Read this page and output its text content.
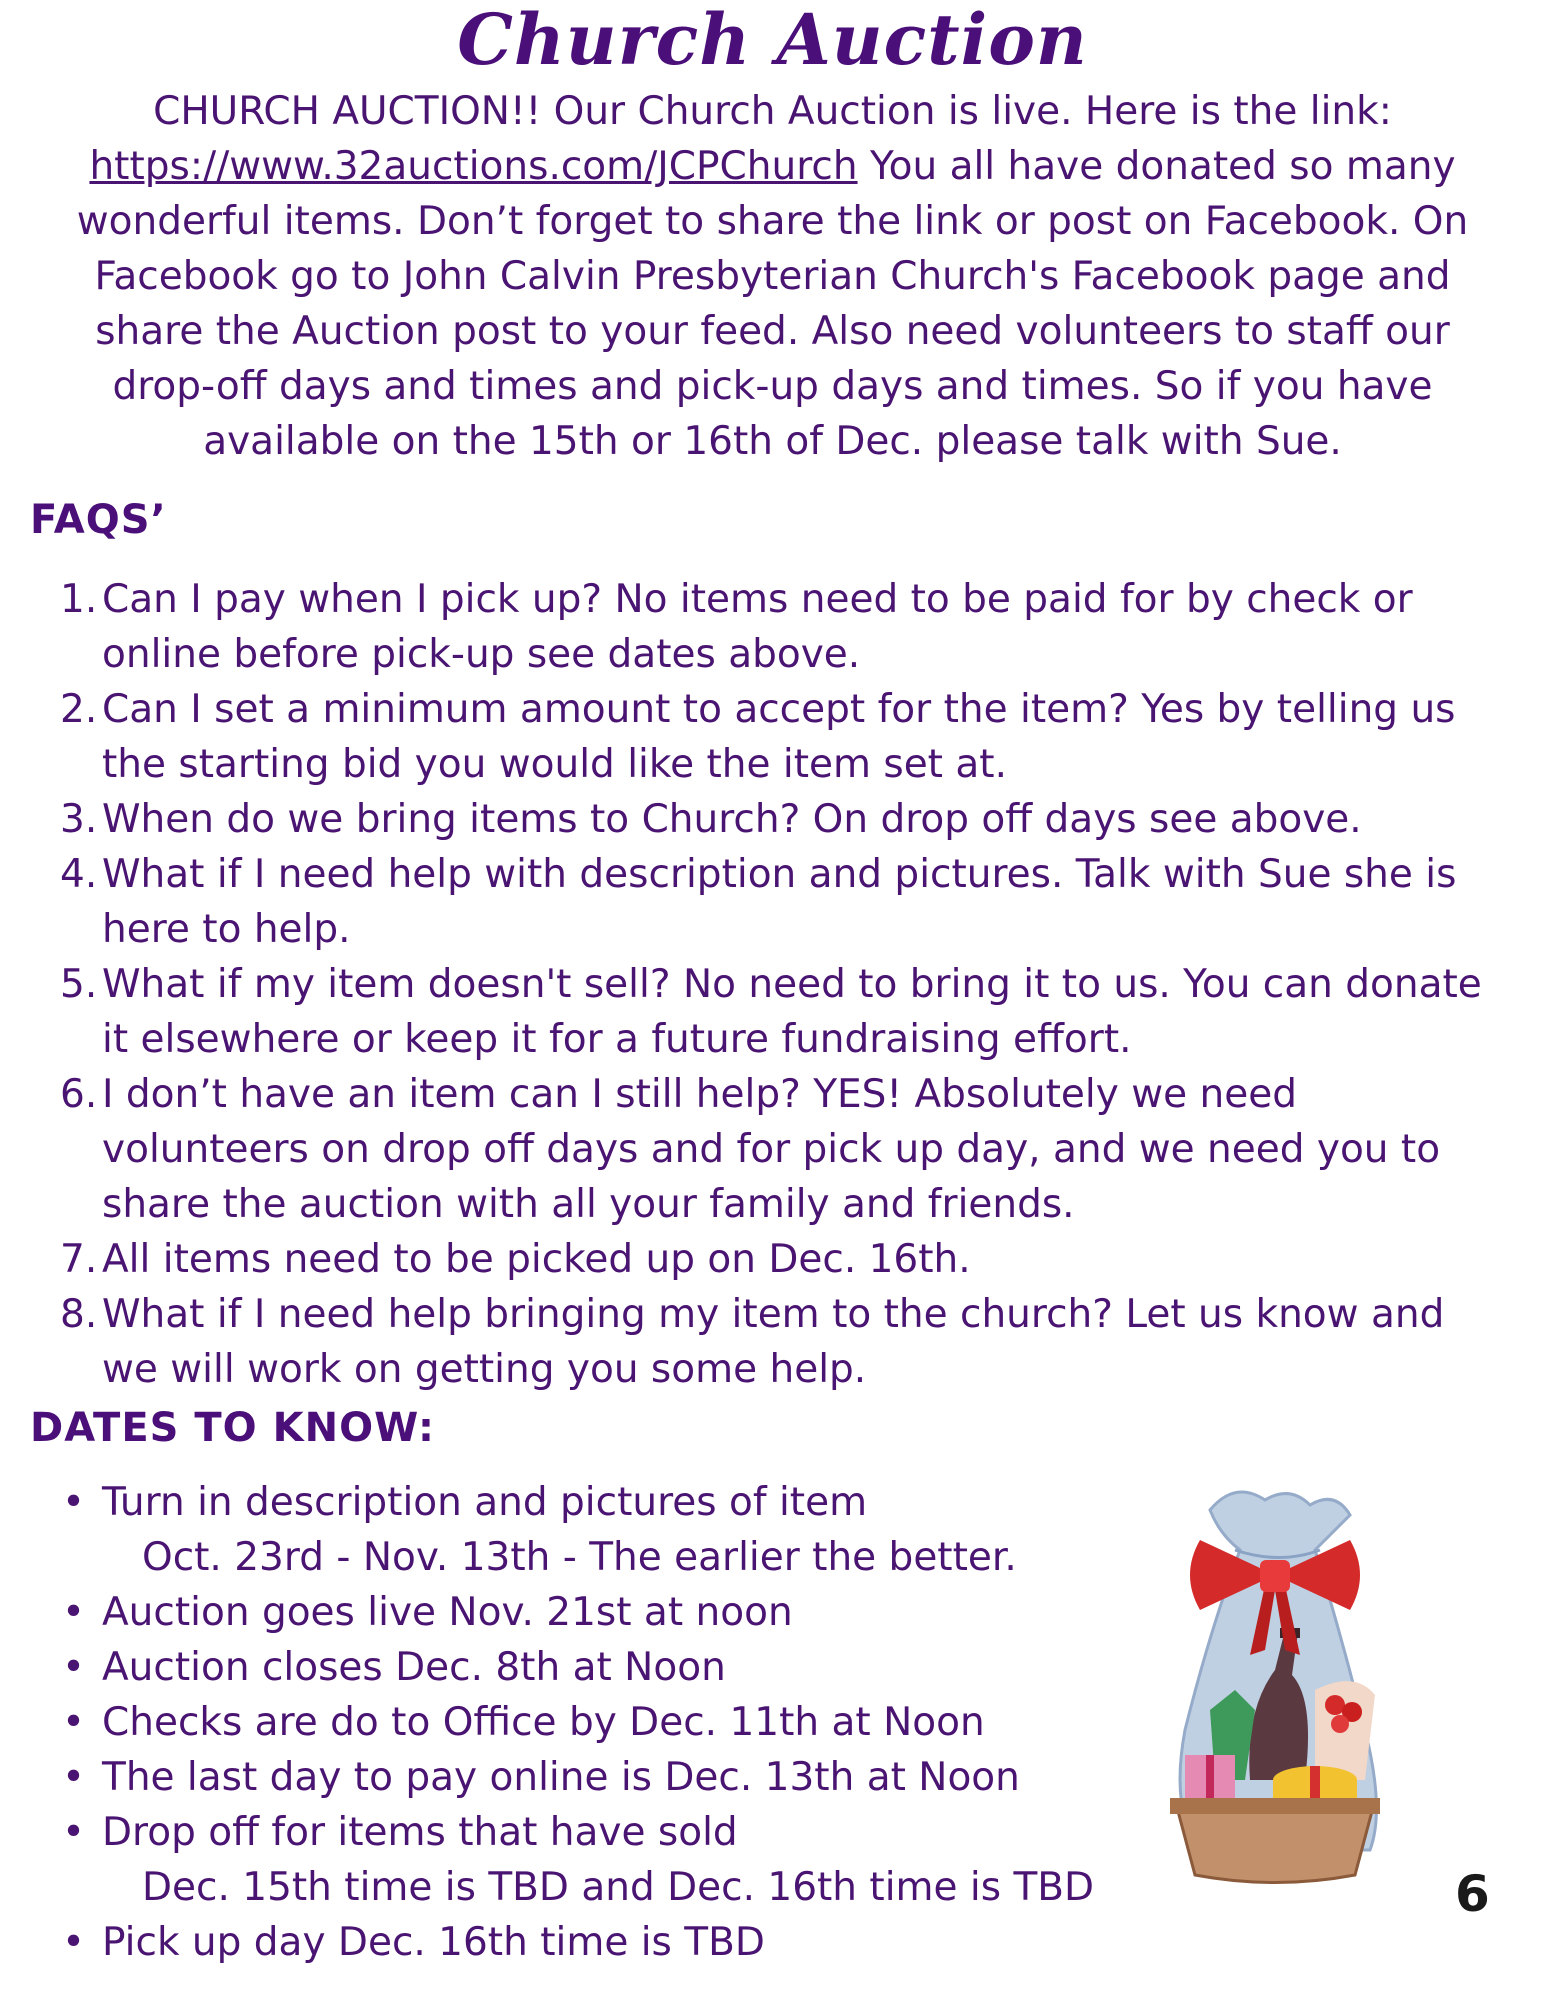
Church Auction
CHURCH AUCTION!! Our Church Auction is live. Here is the link: https://www.32auctions.com/JCPChurch You all have donated so many wonderful items. Don’t forget to share the link or post on Facebook. On Facebook go to John Calvin Presbyterian Church's Facebook page and share the Auction post to your feed. Also need volunteers to staff our drop-off days and times and pick-up days and times. So if you have available on the 15th or 16th of Dec. please talk with Sue.
FAQS’
1. Can I pay when I pick up? No items need to be paid for by check or online before pick-up see dates above.
2. Can I set a minimum amount to accept for the item? Yes by telling us the starting bid you would like the item set at.
3. When do we bring items to Church? On drop off days see above.
4. What if I need help with description and pictures. Talk with Sue she is here to help.
5. What if my item doesn't sell? No need to bring it to us. You can donate it elsewhere or keep it for a future fundraising effort.
6. I don’t have an item can I still help? YES! Absolutely we need volunteers on drop off days and for pick up day, and we need you to share the auction with all your family and friends.
7. All items need to be picked up on Dec. 16th.
8. What if I need help bringing my item to the church? Let us know and we will work on getting you some help.
DATES TO KNOW:
• Turn in description and pictures of item
Oct. 23rd - Nov. 13th - The earlier the better.
• Auction goes live Nov. 21st at noon
• Auction closes Dec. 8th at Noon
• Checks are do to Office by Dec. 11th at Noon
• The last day to pay online is Dec. 13th at Noon
• Drop off for items that have sold
Dec. 15th time is TBD and Dec. 16th time is TBD
• Pick up day Dec. 16th time is TBD
6
